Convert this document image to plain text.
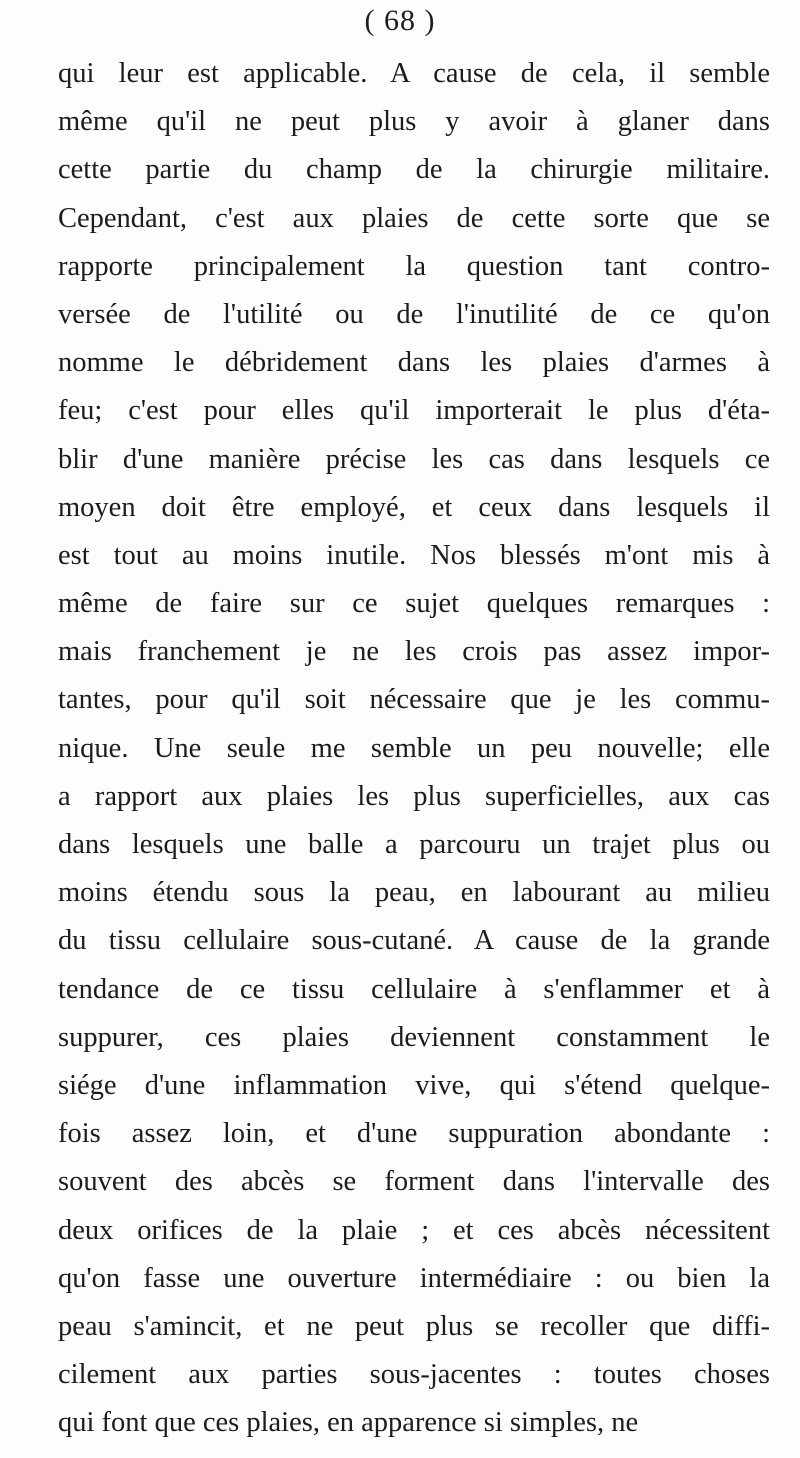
( 68 )
qui leur est applicable. A cause de cela, il semble
même qu'il ne peut plus y avoir à glaner dans
cette partie du champ de la chirurgie militaire.
Cependant, c'est aux plaies de cette sorte que se
rapporte principalement la question tant contro-
versée de l'utilité ou de l'inutilité de ce qu'on
nomme le débridement dans les plaies d'armes à
feu; c'est pour elles qu'il importerait le plus d'éta-
blir d'une manière précise les cas dans lesquels ce
moyen doit être employé, et ceux dans lesquels il
est tout au moins inutile. Nos blessés m'ont mis à
même de faire sur ce sujet quelques remarques :
mais franchement je ne les crois pas assez impor-
tantes, pour qu'il soit nécessaire que je les commu-
nique. Une seule me semble un peu nouvelle; elle
a rapport aux plaies les plus superficielles, aux cas
dans lesquels une balle a parcouru un trajet plus ou
moins étendu sous la peau, en labourant au milieu
du tissu cellulaire sous-cutané. A cause de la grande
tendance de ce tissu cellulaire à s'enflammer et à
suppurer, ces plaies deviennent constamment le
siége d'une inflammation vive, qui s'étend quelque-
fois assez loin, et d'une suppuration abondante :
souvent des abcès se forment dans l'intervalle des
deux orifices de la plaie ; et ces abcès nécessitent
qu'on fasse une ouverture intermédiaire : ou bien la
peau s'amincit, et ne peut plus se recoller que diffi-
cilement aux parties sous-jacentes : toutes choses
qui font que ces plaies, en apparence si simples, ne
